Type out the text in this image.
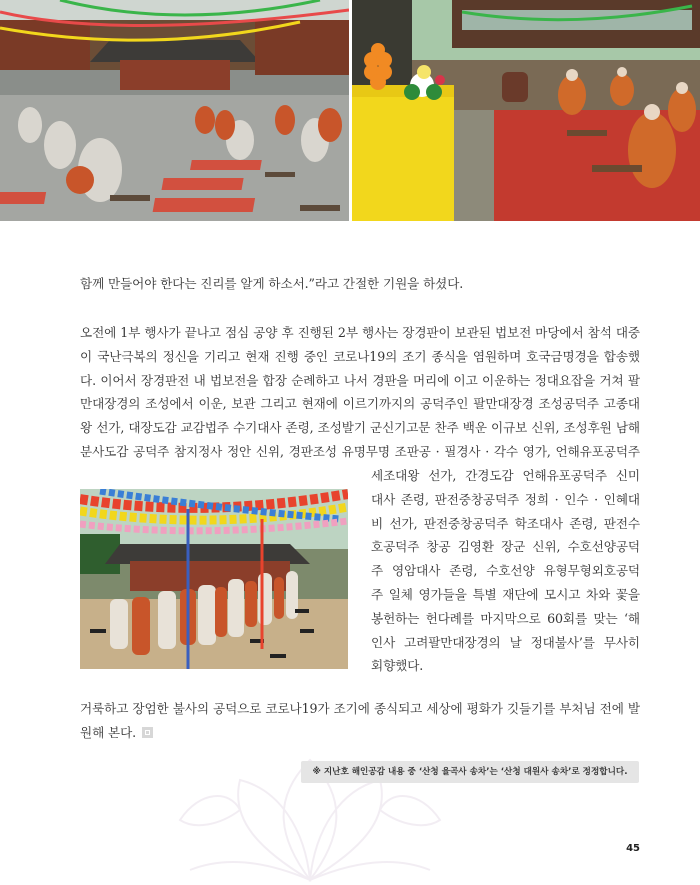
함께 만들어야 한다는 진리를 알게 하소서.”라고 간절한 기원을 하셨다.
오전에 1부 행사가 끝나고 점심 공양 후 진행된 2부 행사는 장경판이 보관된 법보전 마당에서 참석 대중
이 국난극복의 정신을 기리고 현재 진행 중인 코로나19의 조기 종식을 염원하며 호국금명경을 합송했
다. 이어서 장경판전 내 법보전을 합장 순례하고 나서 경판을 머리에 이고 이운하는 정대요잡을 거쳐 팔
만대장경의 조성에서 이운, 보관 그리고 현재에 이르기까지의 공덕주인 팔만대장경 조성공덕주 고종대
왕 선가, 대장도감 교감법주 수기대사 존령, 조성발기 군신기고문 찬주 백운 이규보 신위, 조성후원 남해
분사도감 공덕주 참지정사 정안 신위, 경판조성 유명무명 조판공 · 필경사 · 각수 영가, 언해유포공덕주
세조대왕 선가, 간경도감 언해유포공덕주 신미
대사 존령, 판전중창공덕주 정희 · 인수 · 인혜대
비 선가, 판전중창공덕주 학조대사 존령, 판전수
호공덕주 창공 김영환 장군 신위, 수호선양공덕
주 영암대사 존령, 수호선양 유형무형외호공덕
주 일체 영가들을 특별 재단에 모시고 차와 꽃을
봉헌하는 헌다례를 마지막으로 60회를 맞는 ‘해
인사 고려팔만대장경의 날 정대불사’를 무사히
회향했다.
거룩하고 장엄한 불사의 공덕으로 코로나19가 조기에 종식되고 세상에 평화가 깃들기를 부처님 전에 발
원해 본다.
※ 지난호 해인공감 내용 중 ‘산청 율곡사 송차’는 ‘산청 대원사 송차’로 정정합니다.
45
